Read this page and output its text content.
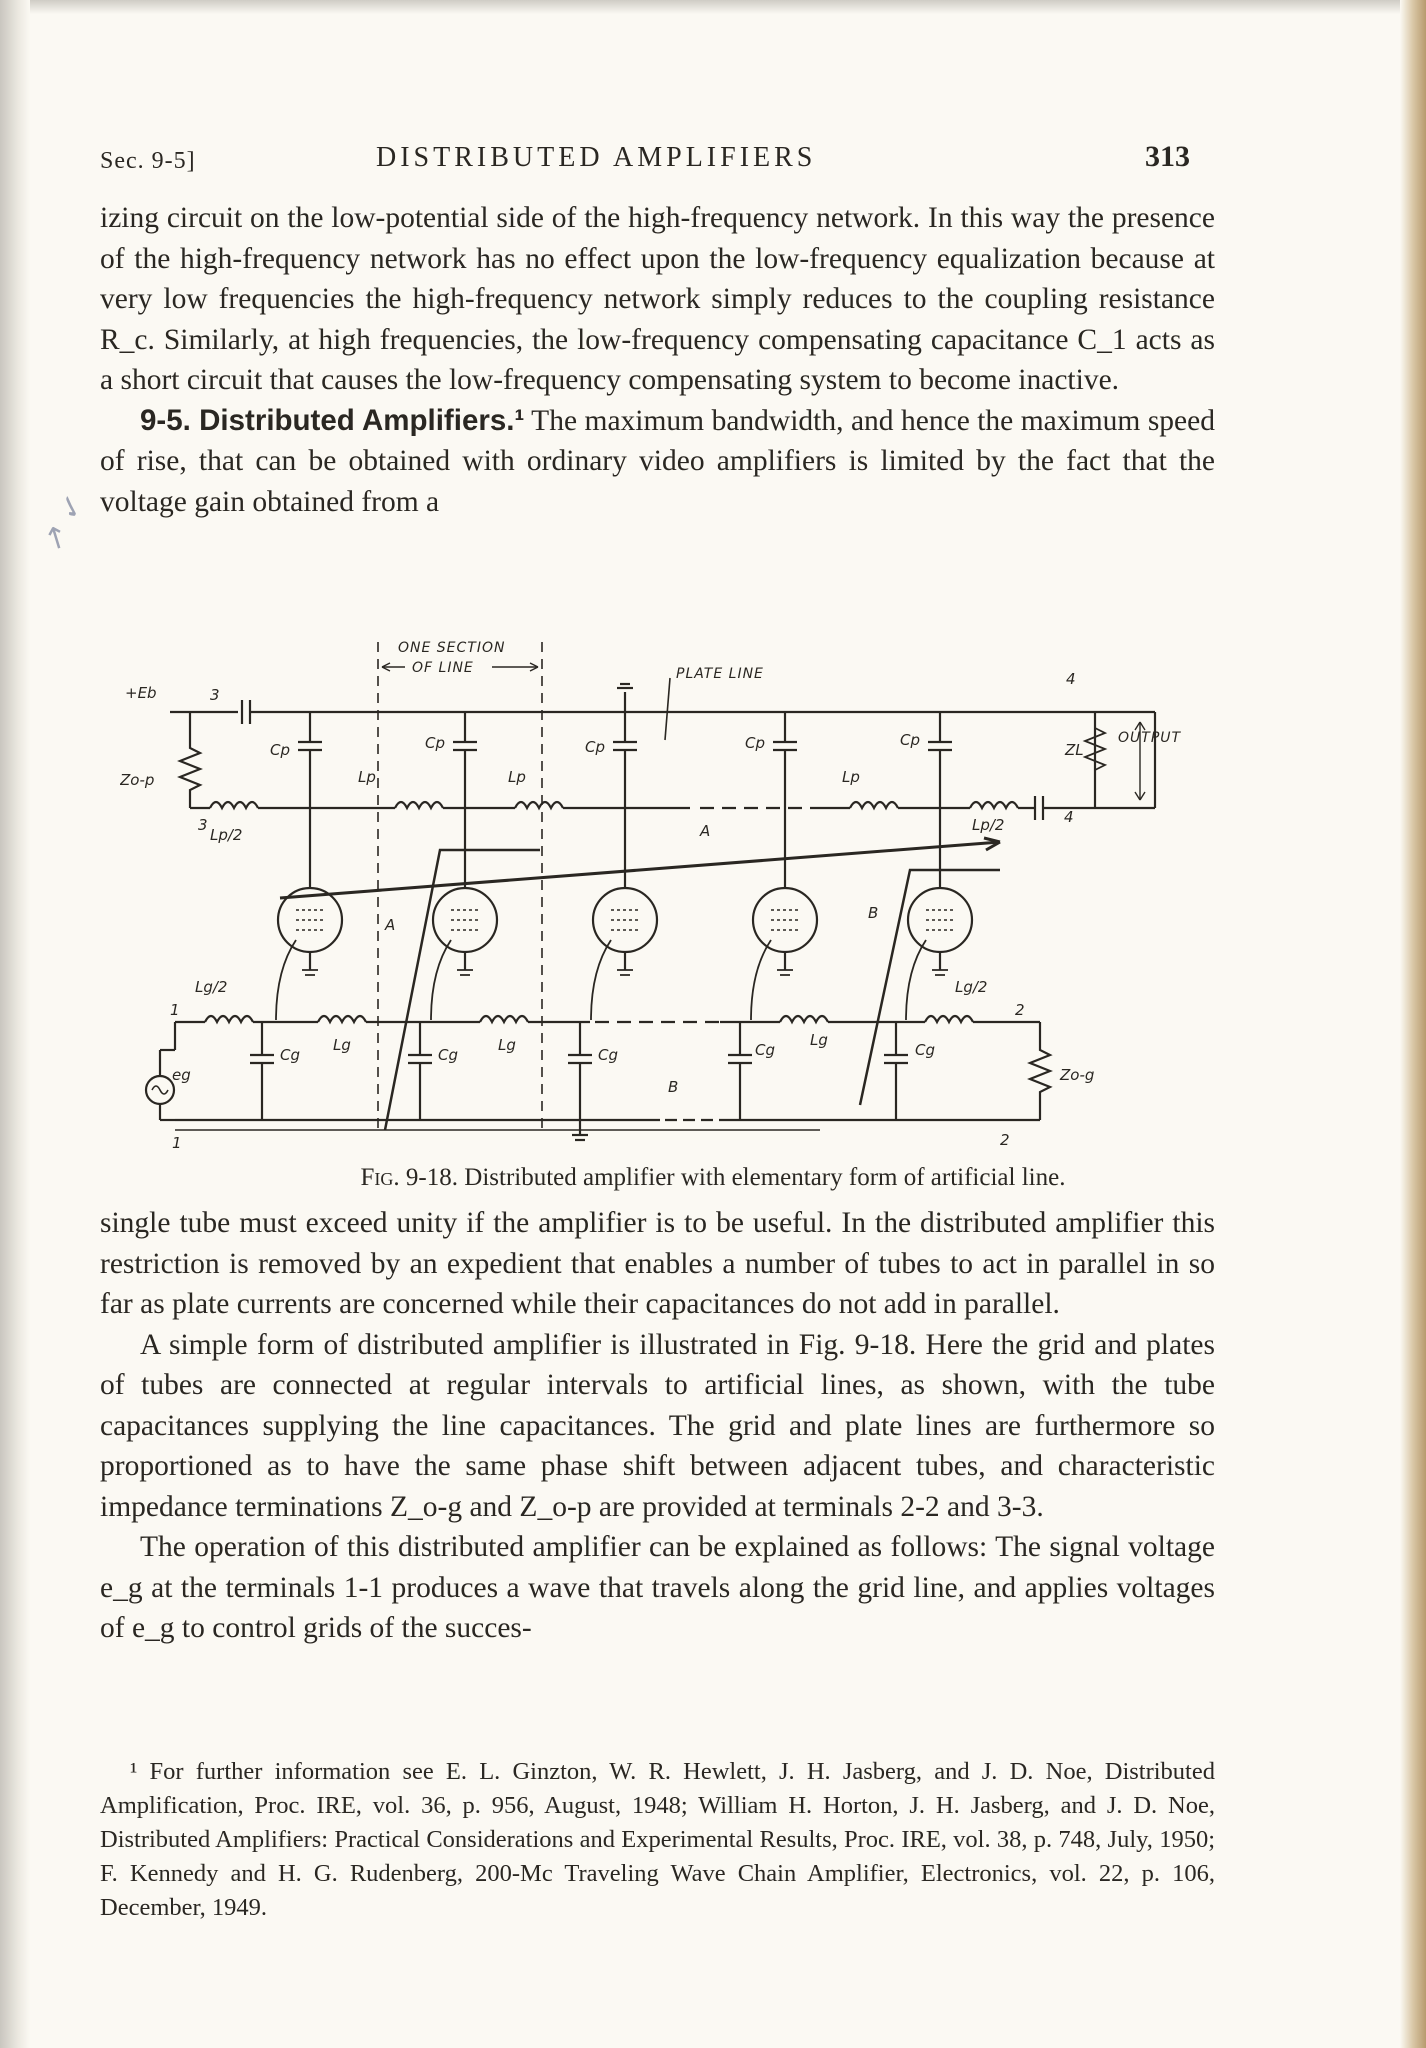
Sec. 9-5]	DISTRIBUTED AMPLIFIERS	313

izing circuit on the low-potential side of the high-frequency network. In this way the presence of the high-frequency network has no effect upon the low-frequency equalization because at very low frequencies the high-frequency network simply reduces to the coupling resistance R_c. Similarly, at high frequencies, the low-frequency compensating capacitance C_1 acts as a short circuit that causes the low-frequency compensating system to become inactive.

9-5. Distributed Amplifiers.¹ The maximum bandwidth, and hence the maximum speed of rise, that can be obtained with ordinary video amplifiers is limited by the fact that the voltage gain obtained from a

↗ ✓
ONE SECTION
OF LINE
+Eb	3
PLATE LINE	4
Zo-p
Lp/2
3
Lp	Lp	Lp
Lp/2	4
Cp	Cp	Cp	Cp	Cp
ZL
OUTPUT
A
A
B
B
Lg/2	Lg/2
Lg	Lg	Lg
1	2
Cg	Cg	Cg	Cg	Cg
eg
1
Zo-g
2
Fig. 9-18. Distributed amplifier with elementary form of artificial line.

single tube must exceed unity if the amplifier is to be useful. In the distributed amplifier this restriction is removed by an expedient that enables a number of tubes to act in parallel in so far as plate currents are concerned while their capacitances do not add in parallel.

A simple form of distributed amplifier is illustrated in Fig. 9-18. Here the grid and plates of tubes are connected at regular intervals to artificial lines, as shown, with the tube capacitances supplying the line capacitances. The grid and plate lines are furthermore so proportioned as to have the same phase shift between adjacent tubes, and characteristic impedance terminations Z_o-g and Z_o-p are provided at terminals 2-2 and 3-3.

The operation of this distributed amplifier can be explained as follows: The signal voltage e_g at the terminals 1-1 produces a wave that travels along the grid line, and applies voltages of e_g to control grids of the succes-

¹ For further information see E. L. Ginzton, W. R. Hewlett, J. H. Jasberg, and J. D. Noe, Distributed Amplification, Proc. IRE, vol. 36, p. 956, August, 1948; William H. Horton, J. H. Jasberg, and J. D. Noe, Distributed Amplifiers: Practical Considerations and Experimental Results, Proc. IRE, vol. 38, p. 748, July, 1950; F. Kennedy and H. G. Rudenberg, 200-Mc Traveling Wave Chain Amplifier, Electronics, vol. 22, p. 106, December, 1949.
